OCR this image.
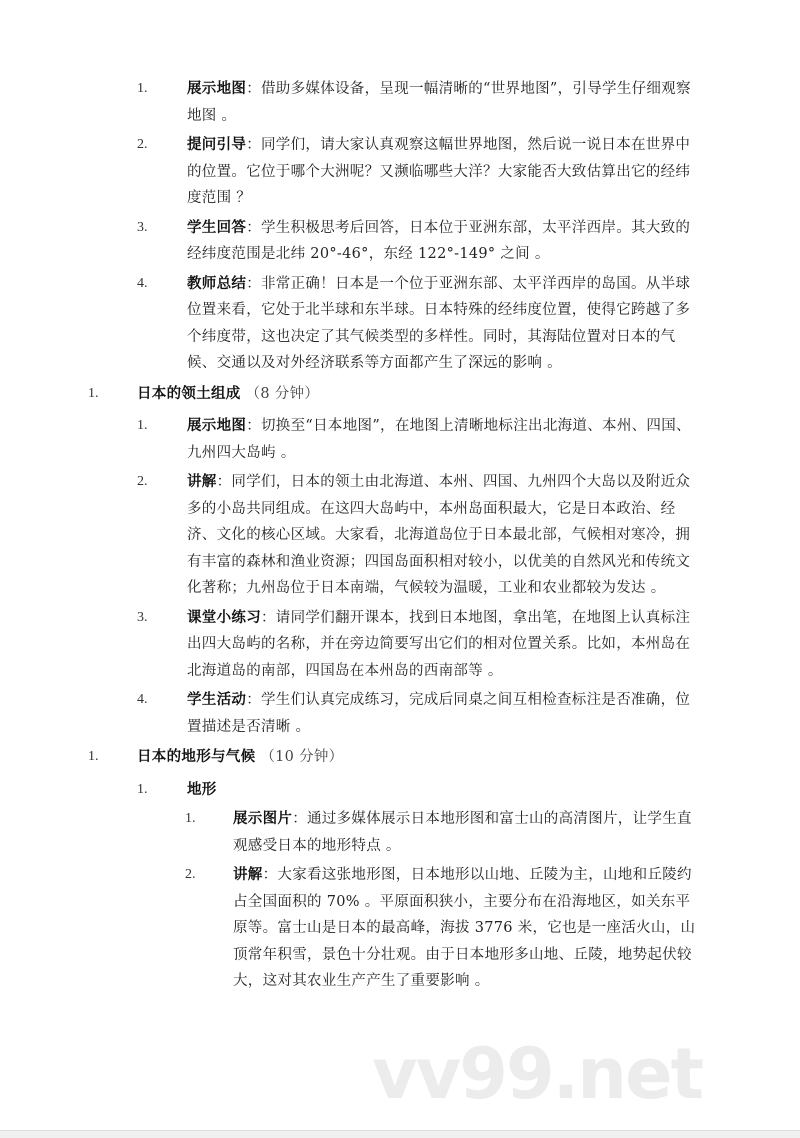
1.	展示地图：借助多媒体设备，呈现一幅清晰的“世界地图”，引导学生仔细观察
地图 。
2.	提问引导：同学们，请大家认真观察这幅世界地图，然后说一说日本在世界中
的位置。它位于哪个大洲呢？又濒临哪些大洋？大家能否大致估算出它的经纬
度范围 ？
3.	学生回答：学生积极思考后回答，日本位于亚洲东部，太平洋西岸。其大致的
经纬度范围是北纬 20°-46°，东经 122°-149° 之间 。
4.	教师总结：非常正确！日本是一个位于亚洲东部、太平洋西岸的岛国。从半球
位置来看，它处于北半球和东半球。日本特殊的经纬度位置，使得它跨越了多
个纬度带，这也决定了其气候类型的多样性。同时，其海陆位置对日本的气
候、交通以及对外经济联系等方面都产生了深远的影响 。
1.	日本的领土组成 （8 分钟）
1.	展示地图：切换至“日本地图”，在地图上清晰地标注出北海道、本州、四国、
九州四大岛屿 。
2.	讲解：同学们，日本的领土由北海道、本州、四国、九州四个大岛以及附近众
多的小岛共同组成。在这四大岛屿中，本州岛面积最大，它是日本政治、经
济、文化的核心区域。大家看，北海道岛位于日本最北部，气候相对寒冷，拥
有丰富的森林和渔业资源；四国岛面积相对较小，以优美的自然风光和传统文
化著称；九州岛位于日本南端，气候较为温暖，工业和农业都较为发达 。
3.	课堂小练习：请同学们翻开课本，找到日本地图，拿出笔，在地图上认真标注
出四大岛屿的名称，并在旁边简要写出它们的相对位置关系。比如，本州岛在
北海道岛的南部，四国岛在本州岛的西南部等 。
4.	学生活动：学生们认真完成练习，完成后同桌之间互相检查标注是否准确，位
置描述是否清晰 。
1.	日本的地形与气候 （10 分钟）
1.	地形
1.	展示图片：通过多媒体展示日本地形图和富士山的高清图片，让学生直
观感受日本的地形特点 。
2.	讲解：大家看这张地形图，日本地形以山地、丘陵为主，山地和丘陵约
占全国面积的 70% 。平原面积狭小，主要分布在沿海地区，如关东平
原等。富士山是日本的最高峰，海拔 3776 米，它也是一座活火山，山
顶常年积雪，景色十分壮观。由于日本地形多山地、丘陵，地势起伏较
大，这对其农业生产产生了重要影响 。
vv99.net
